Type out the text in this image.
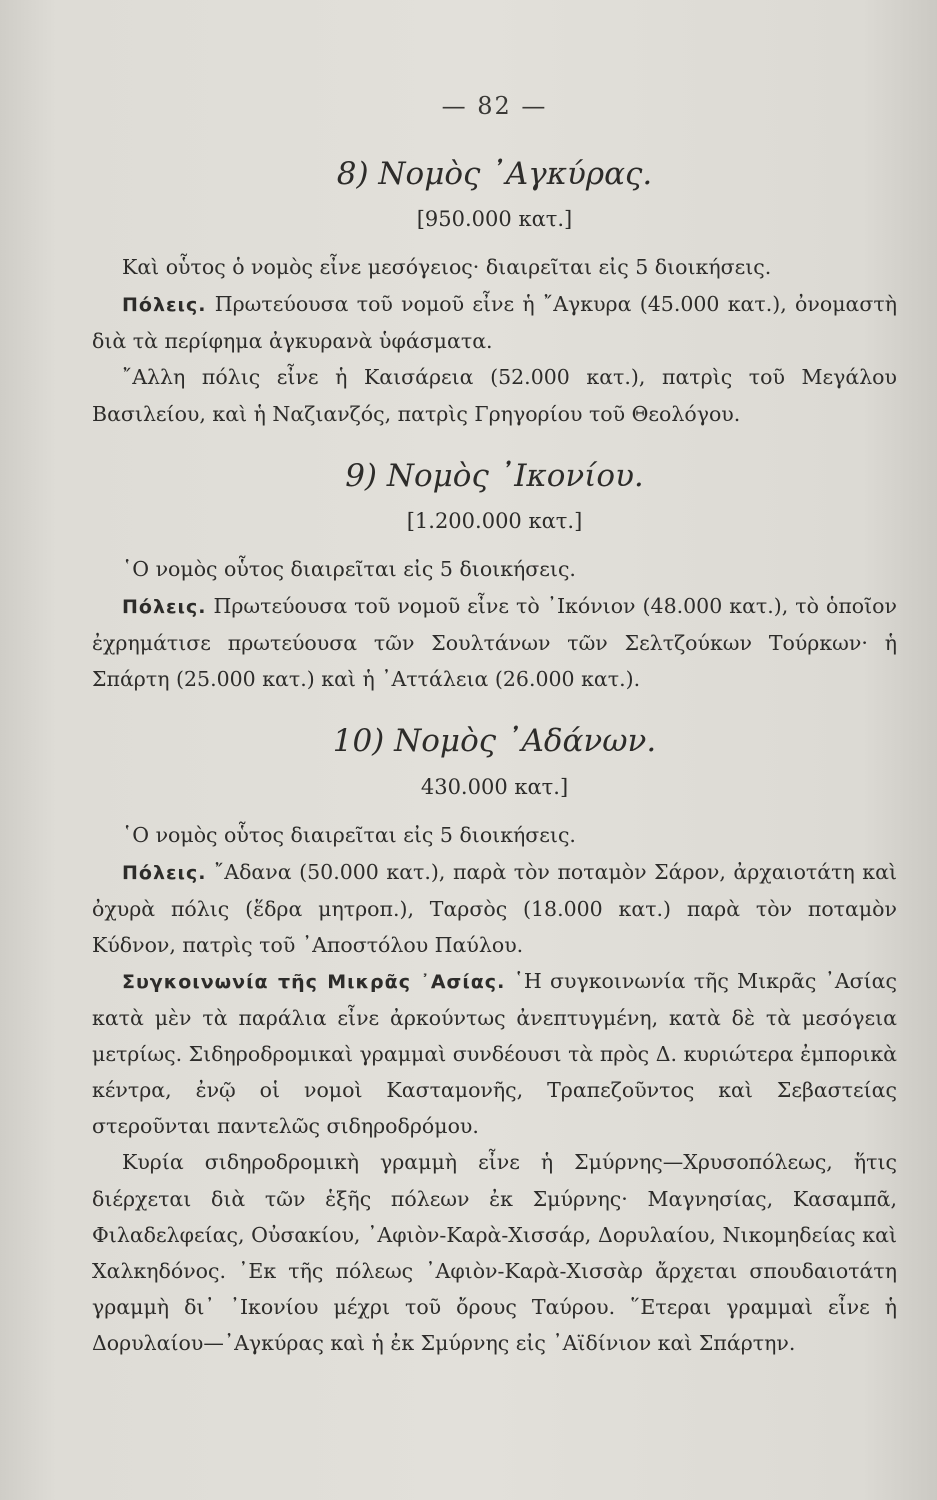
— 82 —
8) Νομὸς ᾿Αγκύρας.
[950.000 κατ.]

Καὶ οὗτος ὁ νομὸς εἶνε μεσόγειος· διαιρεῖται εἰς 5 διοικήσεις.

Πόλεις. Πρωτεύουσα τοῦ νομοῦ εἶνε ἡ ῎Αγκυρα (45.000 κατ.), ὀνομαστὴ διὰ τὰ περίφημα ἀγκυρανὰ ὑφάσματα.

῎Αλλη πόλις εἶνε ἡ Καισάρεια (52.000 κατ.), πατρὶς τοῦ Μεγάλου Βασιλείου, καὶ ἡ Ναζιανζός, πατρὶς Γρηγορίου τοῦ Θεολόγου.

9) Νομὸς ᾿Ικονίου.
[1.200.000 κατ.]

῾Ο νομὸς οὗτος διαιρεῖται εἰς 5 διοικήσεις.

Πόλεις. Πρωτεύουσα τοῦ νομοῦ εἶνε τὸ ᾿Ικόνιον (48.000 κατ.), τὸ ὁποῖον ἐχρημάτισε πρωτεύουσα τῶν Σουλτάνων τῶν Σελτζούκων Τούρκων· ἡ Σπάρτη (25.000 κατ.) καὶ ἡ ᾿Αττάλεια (26.000 κατ.).

10) Νομὸς ᾿Αδάνων.
430.000 κατ.]

῾Ο νομὸς οὗτος διαιρεῖται εἰς 5 διοικήσεις.

Πόλεις. ῎Αδανα (50.000 κατ.), παρὰ τὸν ποταμὸν Σάρον, ἀρχαιοτάτη καὶ ὀχυρὰ πόλις (ἕδρα μητροπ.), Ταρσὸς (18.000 κατ.) παρὰ τὸν ποταμὸν Κύδνον, πατρὶς τοῦ ᾿Αποστόλου Παύλου.

Συγκοινωνία τῆς Μικρᾶς ᾿Ασίας. ῾Η συγκοινωνία τῆς Μικρᾶς ᾿Ασίας κατὰ μὲν τὰ παράλια εἶνε ἀρκούντως ἀνεπτυγμένη, κατὰ δὲ τὰ μεσόγεια μετρίως. Σιδηροδρομικαὶ γραμμαὶ συνδέουσι τὰ πρὸς Δ. κυριώτερα ἐμπορικὰ κέντρα, ἐνῷ οἱ νομοὶ Κασταμονῆς, Τραπεζοῦντος καὶ Σεβαστείας στεροῦνται παντελῶς σιδηροδρόμου.

Κυρία σιδηροδρομικὴ γραμμὴ εἶνε ἡ Σμύρνης—Χρυσοπόλεως, ἥτις διέρχεται διὰ τῶν ἑξῆς πόλεων ἐκ Σμύρνης· Μαγνησίας, Κασαμπᾶ, Φιλαδελφείας, Οὐσακίου, ᾿Αφιὸν-Καρὰ-Χισσάρ, Δορυλαίου, Νικομηδείας καὶ Χαλκηδόνος. ᾿Εκ τῆς πόλεως ᾿Αφιὸν-Καρὰ-Χισσὰρ ἄρχεται σπουδαιοτάτη γραμμὴ δι᾿ ᾿Ικονίου μέχρι τοῦ ὄρους Ταύρου. ῞Ετεραι γραμμαὶ εἶνε ἡ Δορυλαίου—᾿Αγκύρας καὶ ἡ ἐκ Σμύρνης εἰς ᾿Αϊδίνιον καὶ Σπάρτην.
